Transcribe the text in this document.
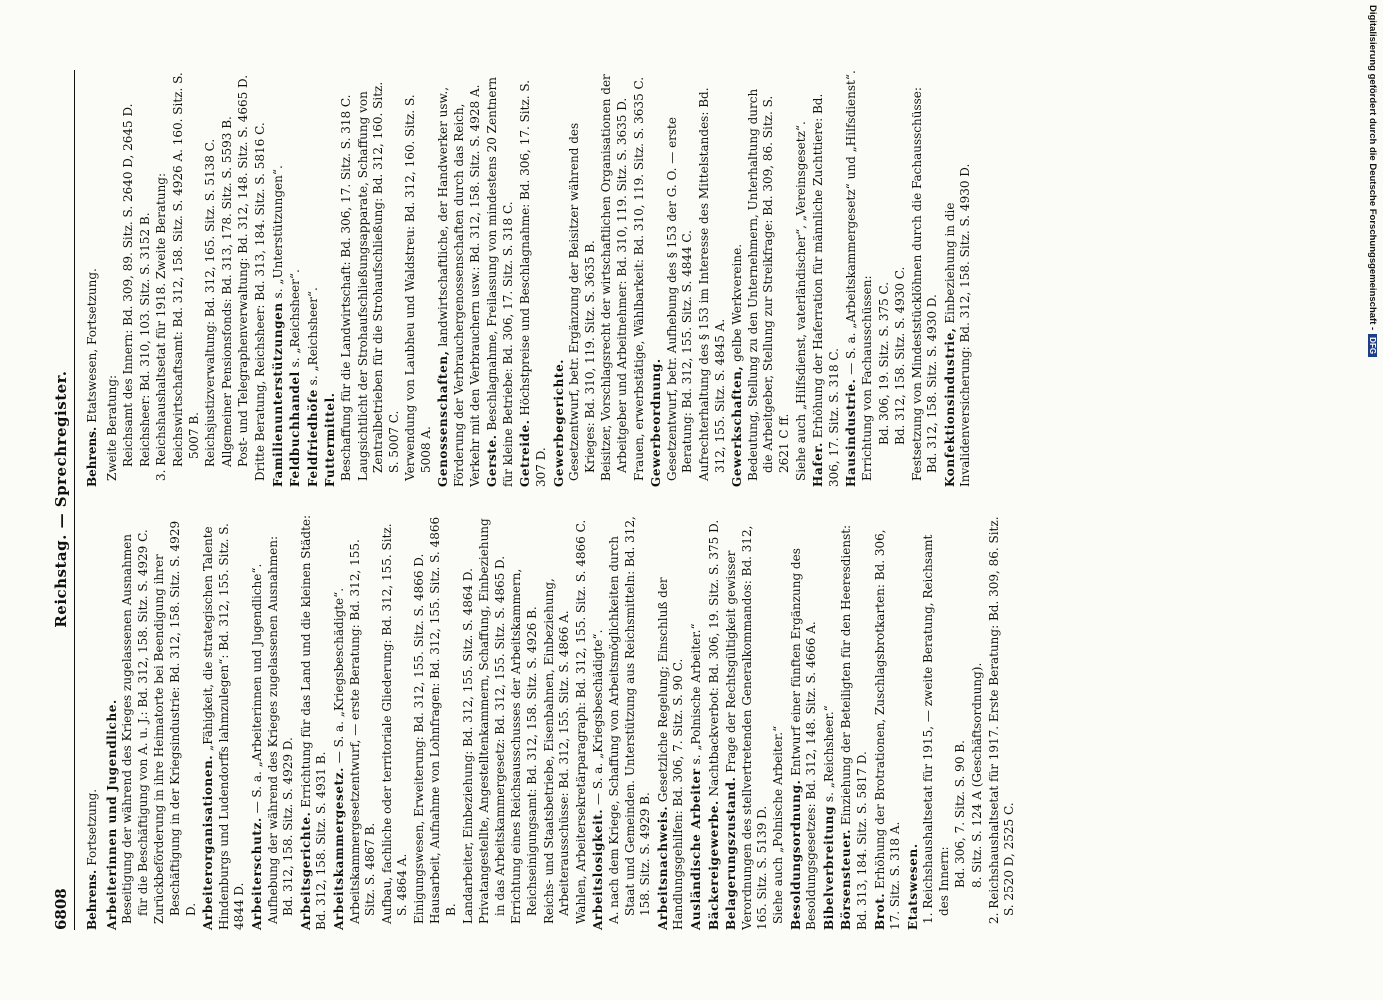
6808
Reichstag. — Sprechregister.
Behrens. Fortsetzung. Arbeiterinnen und Jugendliche. Beseitigung der während des Krieges zugelassenen Ausnahmen für die Beschäftigung von A. u. J.: Bd. 312, 158. Sitz. S. 4929 C. Zurückbeförderung in ihre Heimatorte bei Beendigung ihrer Beschäftigung in der Kriegsindustrie: Bd. 312, 158. Sitz. S. 4929 D. Arbeiterorganisationen. „Fähigkeit, die strategischen Talente Hindenburgs und Ludendorffs lahmzulegen“: Bd. 312, 155. Sitz. S. 4844 D. Arbeiterschutz. — S. a. „Arbeiterinnen und Jugendliche“. Aufhebung der während des Krieges zugelassenen Ausnahmen: Bd. 312, 158. Sitz. S. 4929 D. Arbeitsgerichte. Errichtung für das Land und die kleinen Städte: Bd. 312, 158. Sitz. S. 4931 B. Arbeitskammergesetz. — S. a. „Kriegsbeschädigte“. Arbeitskammergesetzentwurf, — erste Beratung: Bd. 312, 155. Sitz. S. 4867 B. Aufbau, fachliche oder territoriale Gliederung: Bd. 312, 155. Sitz. S. 4864 A. Einigungswesen, Erweiterung: Bd. 312, 155. Sitz. S. 4866 D. Hausarbeit, Aufnahme von Lohnfragen: Bd. 312, 155. Sitz. S. 4866 B. Landarbeiter, Einbeziehung: Bd. 312, 155. Sitz. S. 4864 D. Privatangestellte, Angestelltenkammern, Schaffung, Einbeziehung in das Arbeitskammergesetz: Bd. 312, 155. Sitz. S. 4865 D. Errichtung eines Reichsausschusses der Arbeitskammern, Reichseinigungsamt: Bd. 312, 158. Sitz. S. 4926 B. Reichs- und Staatsbetriebe, Eisenbahnen, Einbeziehung, Arbeiterausschüsse: Bd. 312, 155. Sitz. S. 4866 A. Wahlen, Arbeitersekretärparagraph: Bd. 312, 155. Sitz. S. 4866 C. Arbeitslosigkeit. — S. a. „Kriegsbeschädigte“. A. nach dem Kriege, Schaffung von Arbeitsmöglichkeiten durch Staat und Gemeinden. Unterstützung aus Reichsmitteln: Bd. 312, 158. Sitz. S. 4929 B. Arbeitsnachweis. Gesetzliche Regelung; Einschluß der Handlungsgehilfen: Bd. 306, 7. Sitz. S. 90 C. Ausländische Arbeiter s. „Polnische Arbeiter.“
Bäckereigewerbe. Nachtbackverbot: Bd. 306, 19. Sitz. S. 375 D.
Belagerungszustand. Frage der Rechtsgültigkeit gewisser Verordnungen des stellvertretenden Generalkommandos: Bd. 312, 165. Sitz. S. 5139 D. Siehe auch „Polnische Arbeiter.“ Besoldungsordnung. Entwurf einer fünften Ergänzung des Besoldungsgesetzes: Bd. 312, 148. Sitz. S. 4666 A. Bibelverbreitung s. „Reichsheer.“
Börsensteuer. Einziehung der Beteiligten für den Heeresdienst: Bd. 313, 184. Sitz. S. 5817 D. Brot. Erhöhung der Brotrationen, Zuschlagsbrotkarten: Bd. 306, 17. Sitz. S. 318 A. Etatswesen. 1. Reichshaushaltsetat für 1915, — zweite Beratung, Reichsamt des Innern: Bd. 306, 7. Sitz. S. 90 B. 8. Sitz. S. 124 A (Geschäftsordnung). 2. Reichshaushaltsetat für 1917. Erste Beratung: Bd. 309, 86. Sitz. S. 2520 D, 2525 C.
Behrens. Etatswesen, Fortsetzung.
Zweite Beratung: Reichsamt des Innern: Bd. 309, 89. Sitz. S. 2640 D, 2645 D. Reichsheer: Bd. 310, 103. Sitz. S. 3152 B. 3. Reichshaushaltsetat für 1918. Zweite Beratung: Reichswirtschaftsamt: Bd. 312, 158. Sitz. S. 4926 A. 160. Sitz. S. 5007 B. Reichsjustizverwaltung: Bd. 312, 165. Sitz. S. 5138 C. Allgemeiner Pensionsfonds: Bd. 313, 178. Sitz. S. 5593 B. Post- und Telegraphenverwaltung: Bd. 312, 148. Sitz. S. 4665 D. Dritte Beratung, Reichsheer: Bd. 313, 184. Sitz. S. 5816 C. Familienunterstützungen s. „Unterstützungen“.
Feldbuchhandel s. „Reichsheer“.
Feldfriedhöfe s. „Reichsheer“.
Futtermittel. Beschaffung für die Landwirtschaft: Bd. 306, 17. Sitz. S. 318 C. Laugsichtlicht der Strohaufschließungsapparate, Schaffung von Zentralbetrieben für die Strohaufschließung: Bd. 312, 160. Sitz. S. 5007 C. Verwendung von Laubheu und Waldstreu: Bd. 312, 160. Sitz. S. 5008 A. Genossenschaften, landwirtschaftliche, der Handwerker usw., Förderung der Verbrauchergenossenschaften durch das Reich, Verkehr mit den Verbrauchern usw.: Bd. 312, 158. Sitz. S. 4928 A. Gerste. Beschlagnahme, Freilassung von mindestens 20 Zentnern für kleine Betriebe: Bd. 306, 17. Sitz. S. 318 C. Getreide. Höchstpreise und Beschlagnahme: Bd. 306, 17. Sitz. S. 307 D. Gewerbegerichte. Gesetzentwurf, betr. Ergänzung der Beisitzer während des Krieges: Bd. 310, 119. Sitz. S. 3635 B. Beisitzer, Vorschlagsrecht der wirtschaftlichen Organisationen der Arbeitgeber und Arbeitnehmer: Bd. 310, 119. Sitz. S. 3635 D. Frauen, erwerbstätige, Wählbarkeit: Bd. 310, 119. Sitz. S. 3635 C. Gewerbeordnung. Gesetzentwurf, betr. Aufhebung des § 153 der G. O. — erste Beratung: Bd. 312, 155. Sitz. S. 4844 C. Aufrechterhaltung des § 153 im Interesse des Mittelstandes: Bd. 312, 155. Sitz. S. 4845 A. Gewerkschaften, gelbe Werkvereine. Bedeutung, Stellung zu den Unternehmern, Unterhaltung durch die Arbeitgeber, Stellung zur Streikfrage: Bd. 309, 86. Sitz. S. 2621 C ff. Siehe auch „Hilfsdienst, vaterländischer“, „Vereinsgesetz“. Hafer. Erhöhung der Haferration für männliche Zuchttiere: Bd. 306, 17. Sitz. S. 318 C. Hausindustrie. — S. a. „Arbeitskammergesetz“ und „Hilfsdienst“.
Errichtung von Fachausschüssen: Bd. 306, 19. Sitz. S. 375 C. Bd. 312, 158. Sitz. S. 4930 C. Festsetzung von Mindeststücklöhnen durch die Fachausschüsse: Bd. 312, 158. Sitz. S. 4930 D. Konfektionsindustrie, Einbeziehung in die Invalidenversicherung: Bd. 312, 158. Sitz. S. 4930 D.	Digitalisierung gefördert durch die Deutsche Forschungsgemeinschaft -
DFG
